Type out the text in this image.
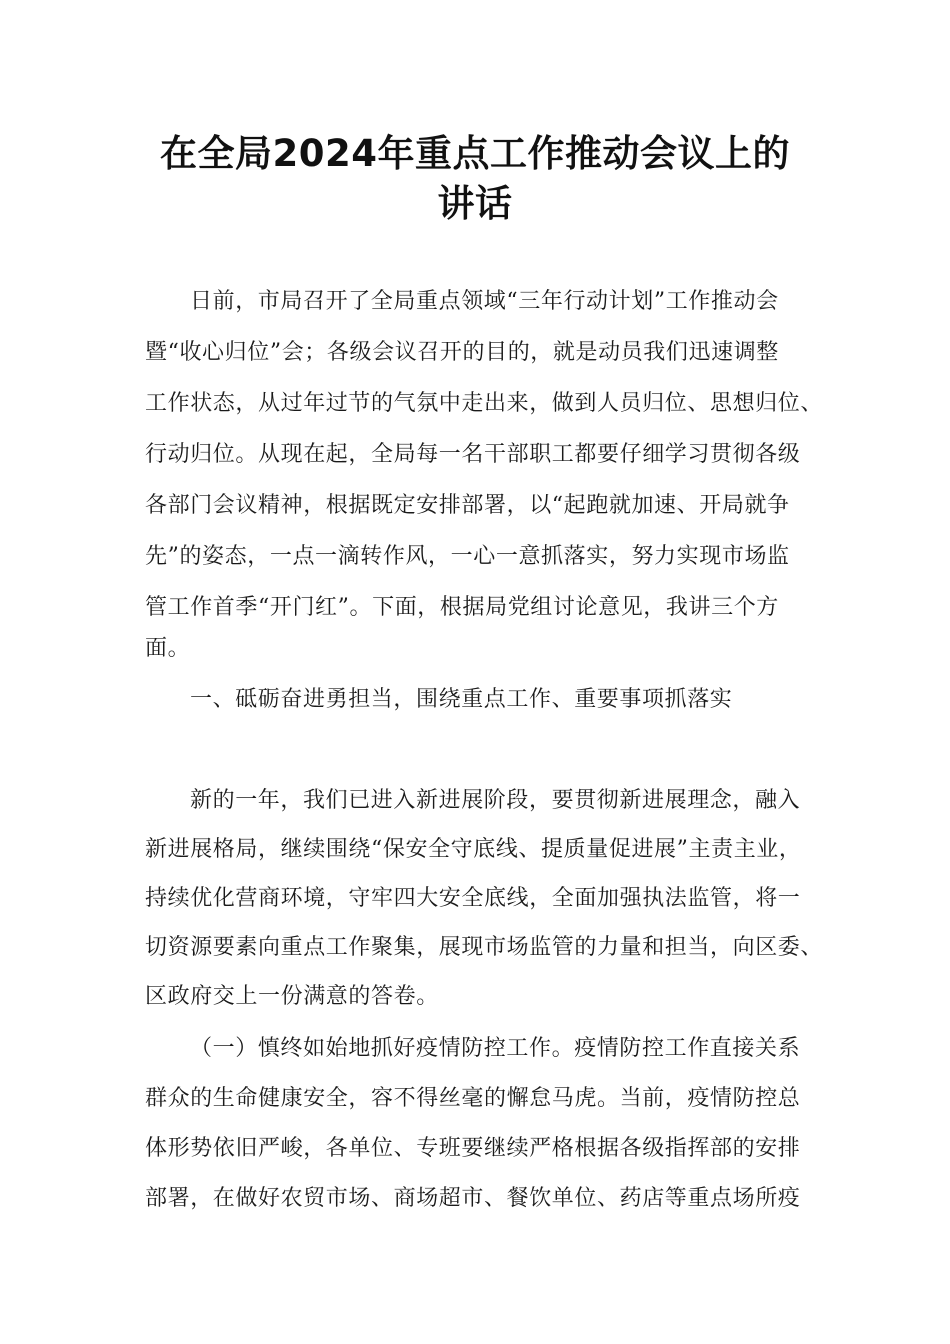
在全局2024年重点工作推动会议上的
讲话
日前，市局召开了全局重点领域“三年行动计划”工作推动会
暨“收心归位”会；各级会议召开的目的，就是动员我们迅速调整
工作状态，从过年过节的气氛中走出来，做到人员归位、思想归位、
行动归位。从现在起，全局每一名干部职工都要仔细学习贯彻各级
各部门会议精神，根据既定安排部署，以“起跑就加速、开局就争
先”的姿态，一点一滴转作风，一心一意抓落实，努力实现市场监
管工作首季“开门红”。下面，根据局党组讨论意见，我讲三个方
面。
一、砥砺奋进勇担当，围绕重点工作、重要事项抓落实
新的一年，我们已进入新进展阶段，要贯彻新进展理念，融入
新进展格局，继续围绕“保安全守底线、提质量促进展”主责主业，
持续优化营商环境，守牢四大安全底线，全面加强执法监管，将一
切资源要素向重点工作聚集，展现市场监管的力量和担当，向区委、
区政府交上一份满意的答卷。
（一）慎终如始地抓好疫情防控工作。疫情防控工作直接关系
群众的生命健康安全，容不得丝毫的懈怠马虎。当前，疫情防控总
体形势依旧严峻，各单位、专班要继续严格根据各级指挥部的安排
部署，在做好农贸市场、商场超市、餐饮单位、药店等重点场所疫
